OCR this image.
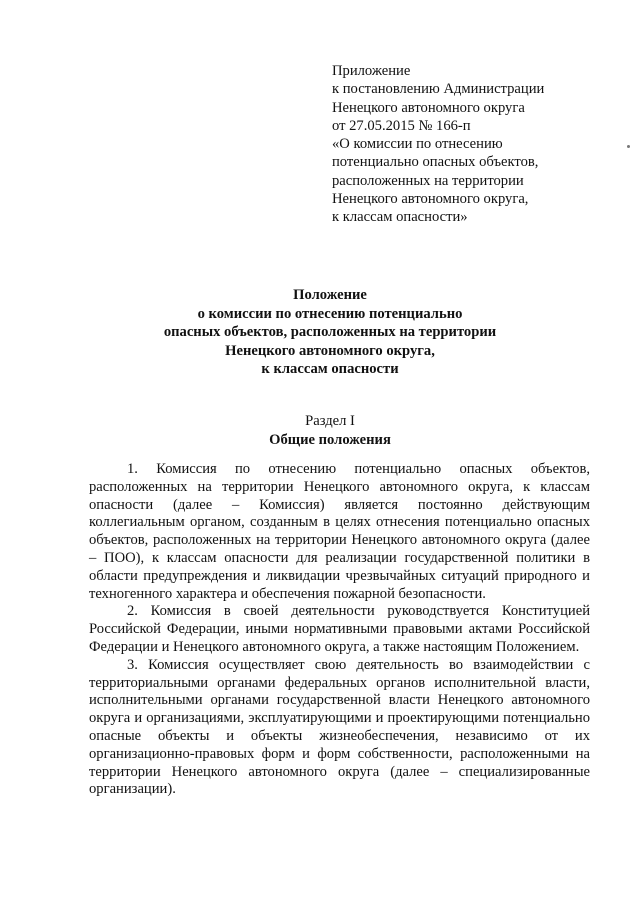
Приложение
к постановлению Администрации
Ненецкого автономного округа
от 27.05.2015 № 166-п
«О комиссии по отнесению
потенциально опасных объектов,
расположенных на территории
Ненецкого автономного округа,
к классам опасности»
Положение
о комиссии по отнесению потенциально
опасных объектов, расположенных на территории
Ненецкого автономного округа,
к классам опасности
Раздел I
Общие положения

1. Комиссия по отнесению потенциально опасных объектов, расположенных на территории Ненецкого автономного округа, к классам опасности (далее – Комиссия) является постоянно действующим коллегиальным органом, созданным в целях отнесения потенциально опасных объектов, расположенных на территории Ненецкого автономного округа (далее – ПОО), к классам опасности для реализации государственной политики в области предупреждения и ликвидации чрезвычайных ситуаций природного и техногенного характера и обеспечения пожарной безопасности.

2. Комиссия в своей деятельности руководствуется Конституцией Российской Федерации, иными нормативными правовыми актами Российской Федерации и Ненецкого автономного округа, а также настоящим Положением.

3. Комиссия осуществляет свою деятельность во взаимодействии с территориальными органами федеральных органов исполнительной власти, исполнительными органами государственной власти Ненецкого автономного округа и организациями, эксплуатирующими и проектирующими потенциально опасные объекты и объекты жизнеобеспечения, независимо от их организационно-правовых форм и форм собственности, расположенными на территории Ненецкого автономного округа (далее – специализированные организации).
